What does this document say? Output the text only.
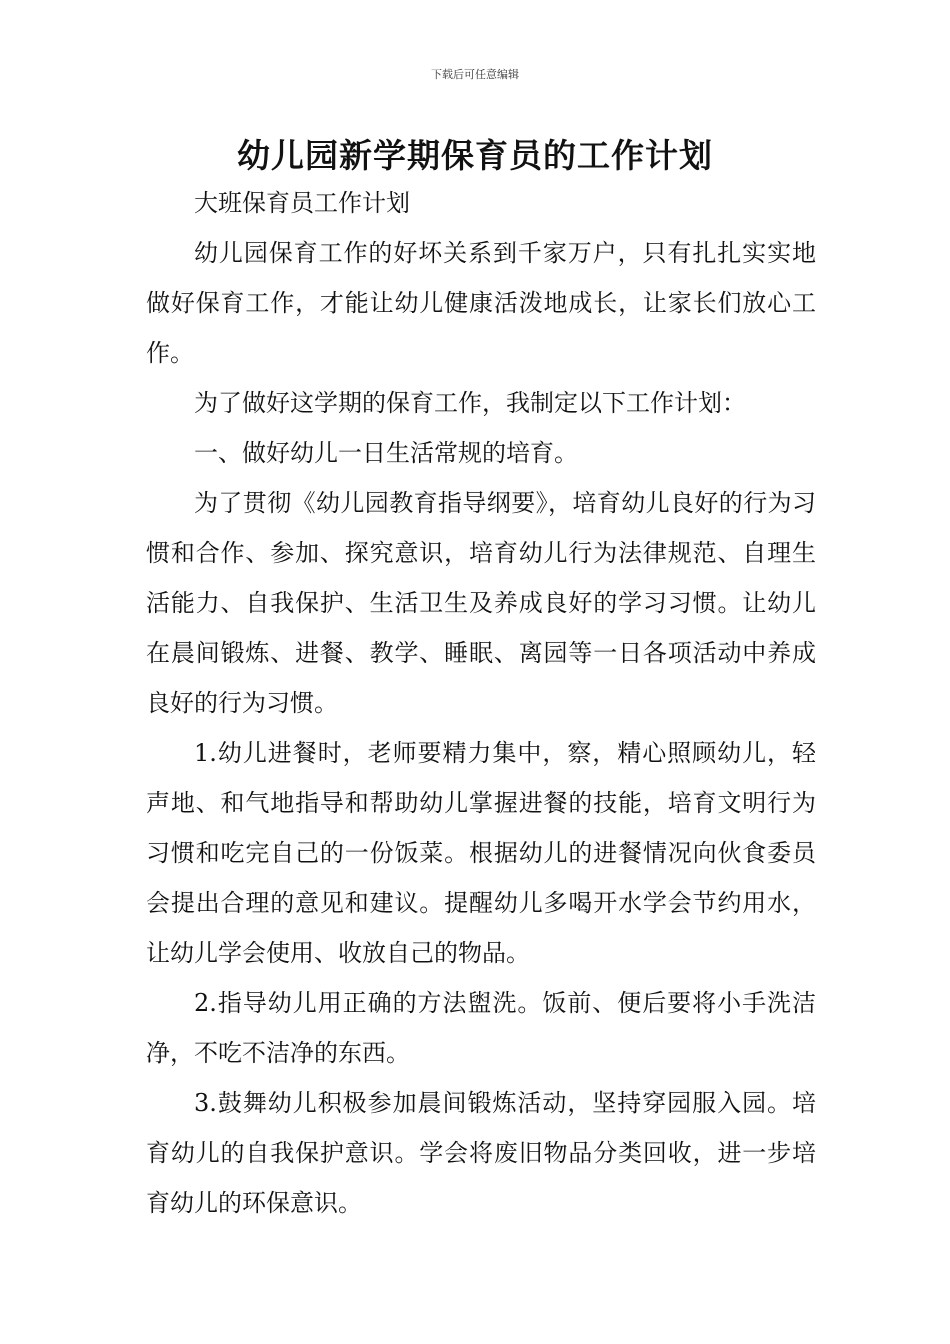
下载后可任意编辑
幼儿园新学期保育员的工作计划

大班保育员工作计划

幼儿园保育工作的好坏关系到千家万户，只有扎扎实实地做好保育工作，才能让幼儿健康活泼地成长，让家长们放心工作。

为了做好这学期的保育工作，我制定以下工作计划：

一、做好幼儿一日生活常规的培育。

为了贯彻《幼儿园教育指导纲要》，培育幼儿良好的行为习惯和合作、参加、探究意识，培育幼儿行为法律规范、自理生活能力、自我保护、生活卫生及养成良好的学习习惯。让幼儿在晨间锻炼、进餐、教学、睡眠、离园等一日各项活动中养成良好的行为习惯。

1.幼儿进餐时，老师要精力集中，察，精心照顾幼儿，轻声地、和气地指导和帮助幼儿掌握进餐的技能，培育文明行为习惯和吃完自己的一份饭菜。根据幼儿的进餐情况向伙食委员会提出合理的意见和建议。提醒幼儿多喝开水学会节约用水，让幼儿学会使用、收放自己的物品。

2.指导幼儿用正确的方法盥洗。饭前、便后要将小手洗洁净，不吃不洁净的东西。

3.鼓舞幼儿积极参加晨间锻炼活动，坚持穿园服入园。培育幼儿的自我保护意识。学会将废旧物品分类回收，进一步培育幼儿的环保意识。
